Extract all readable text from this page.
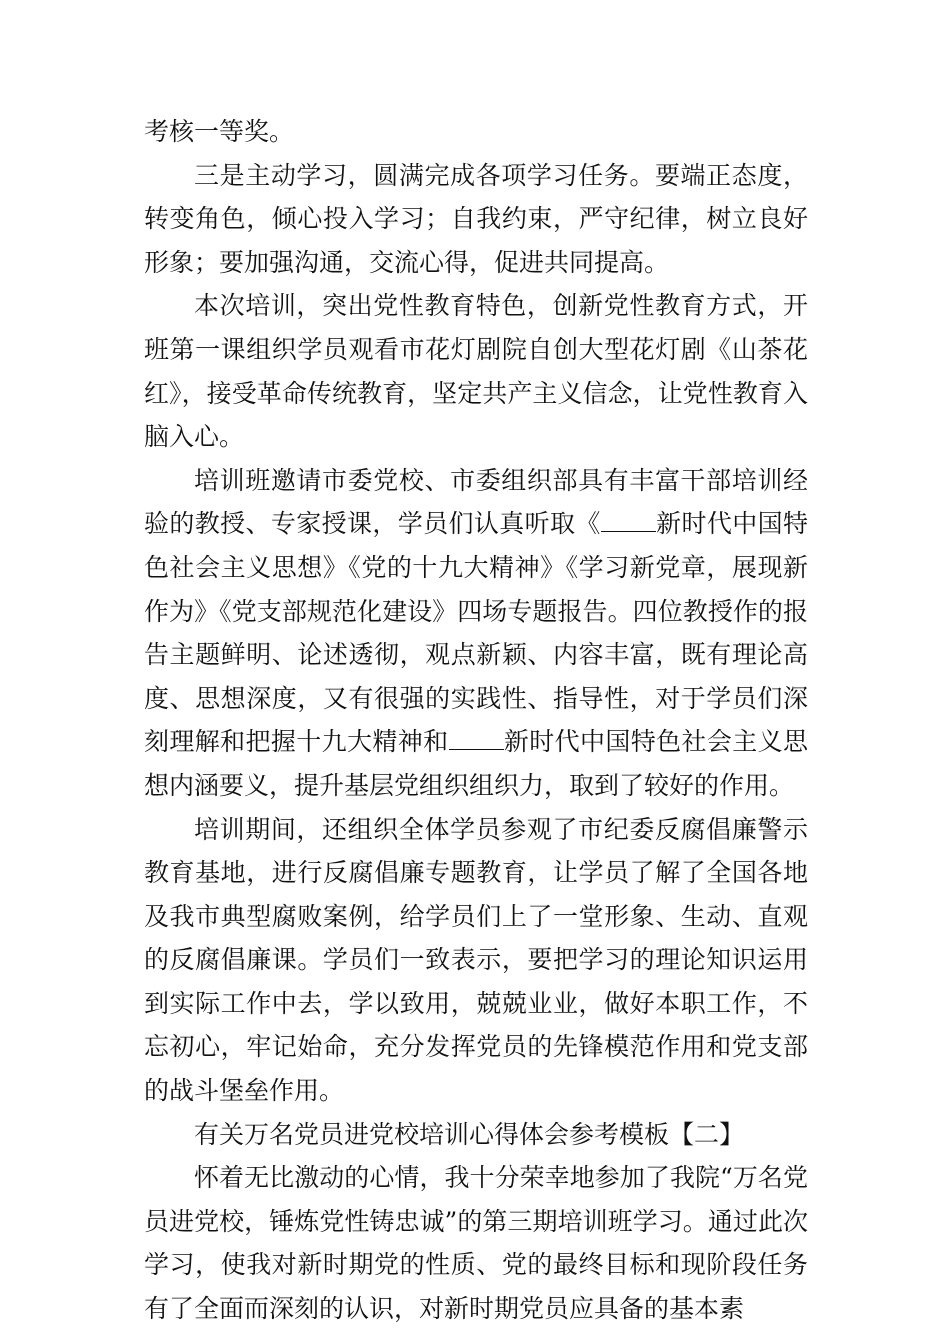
考核一等奖。

三是主动学习，圆满完成各项学习任务。要端正态度，转变角色，倾心投入学习；自我约束，严守纪律，树立良好形象；要加强沟通，交流心得，促进共同提高。

本次培训，突出党性教育特色，创新党性教育方式，开班第一课组织学员观看市花灯剧院自创大型花灯剧《山茶花红》，接受革命传统教育，坚定共产主义信念，让党性教育入脑入心。

培训班邀请市委党校、市委组织部具有丰富干部培训经验的教授、专家授课，学员们认真听取《 新时代中国特色社会主义思想》《党的十九大精神》《学习新党章，展现新作为》《党支部规范化建设》四场专题报告。四位教授作的报告主题鲜明、论述透彻，观点新颖、内容丰富，既有理论高度、思想深度，又有很强的实践性、指导性，对于学员们深刻理解和把握十九大精神和 新时代中国特色社会主义思想内涵要义，提升基层党组织组织力，取到了较好的作用。

培训期间，还组织全体学员参观了市纪委反腐倡廉警示教育基地，进行反腐倡廉专题教育，让学员了解了全国各地及我市典型腐败案例，给学员们上了一堂形象、生动、直观的反腐倡廉课。学员们一致表示，要把学习的理论知识运用到实际工作中去，学以致用，兢兢业业，做好本职工作，不忘初心，牢记始命，充分发挥党员的先锋模范作用和党支部的战斗堡垒作用。

有关万名党员进党校培训心得体会参考模板【二】

怀着无比激动的心情，我十分荣幸地参加了我院“万名党员进党校，锤炼党性铸忠诚”的第三期培训班学习。通过此次学习，使我对新时期党的性质、党的最终目标和现阶段任务有了全面而深刻的认识，对新时期党员应具备的基本素
